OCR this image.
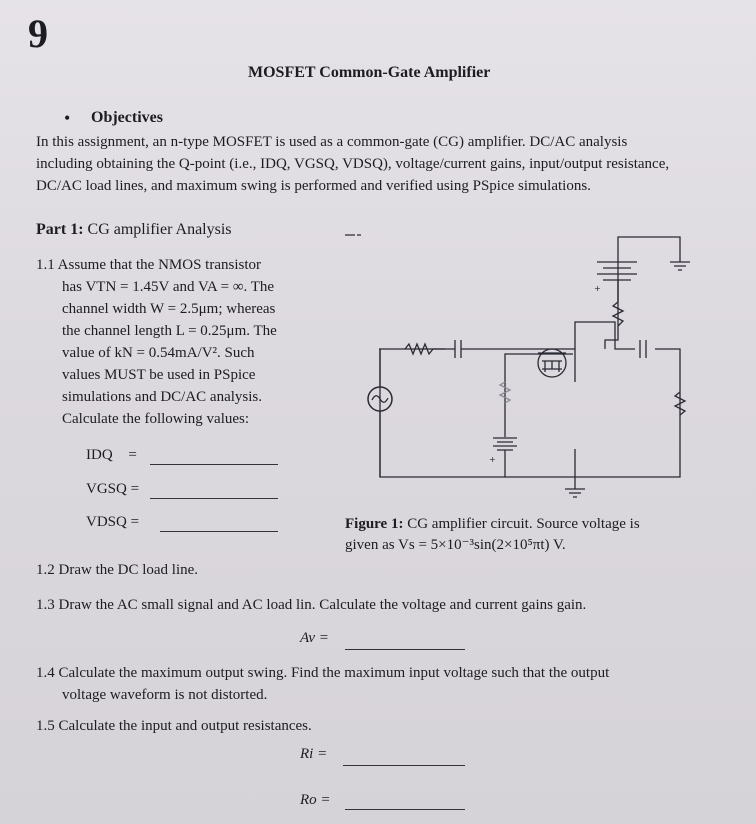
9
MOSFET Common-Gate Amplifier
• Objectives
In this assignment, an n-type MOSFET is used as a common-gate (CG) amplifier. DC/AC analysis
including obtaining the Q-point (i.e., IDQ, VGSQ, VDSQ), voltage/current gains, input/output resistance,
DC/AC load lines, and maximum swing is performed and verified using PSpice simulations.
Part 1: CG amplifier Analysis
1.1 Assume that the NMOS transistor
has VTN = 1.45V and VA = ∞. The
channel width W = 2.5μm; whereas
the channel length L = 0.25μm. The
value of kN = 0.54mA/V². Such
values MUST be used in PSpice
simulations and DC/AC analysis.
Calculate the following values:
IDQ =
VGSQ =
VDSQ =
+
+
Figure 1: CG amplifier circuit. Source voltage is
given as Vs = 5×10⁻³sin(2×10⁵πt) V.
1.2 Draw the DC load line.
1.3 Draw the AC small signal and AC load lin. Calculate the voltage and current gains gain.
Av =
1.4 Calculate the maximum output swing. Find the maximum input voltage such that the output
voltage waveform is not distorted.
1.5 Calculate the input and output resistances.
Ri =
Ro =
